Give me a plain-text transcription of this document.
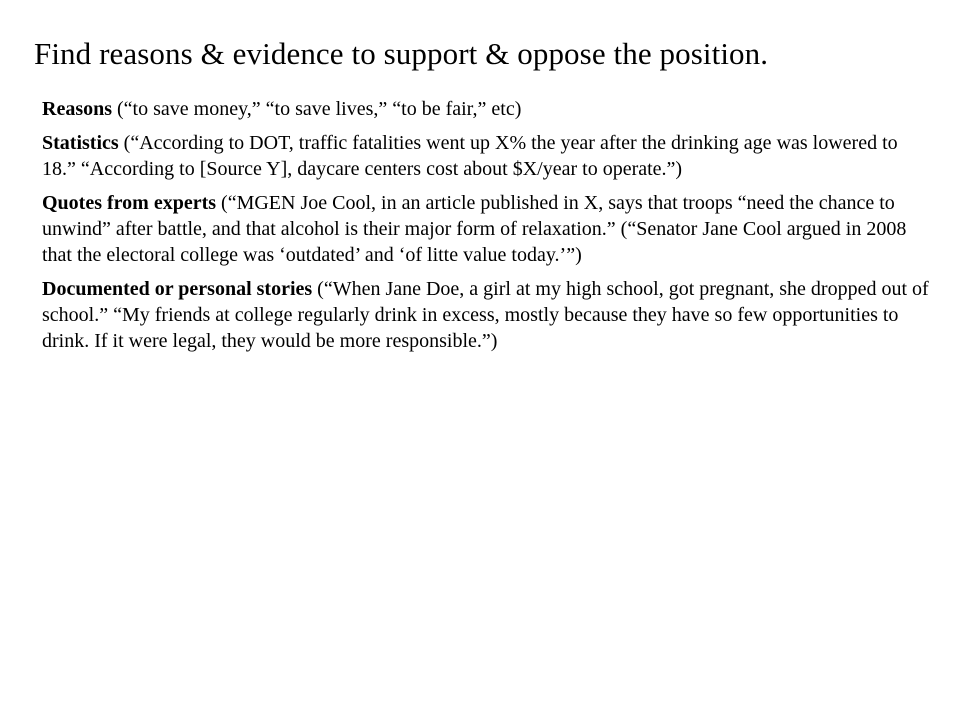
Find reasons & evidence to support & oppose the position.

Reasons (“to save money,” “to save lives,” “to be fair,” etc)

Statistics (“According to DOT, traffic fatalities went up X% the year after the drinking age was lowered to 18.” “According to [Source Y], daycare centers cost about $X/year to operate.”)

Quotes from experts (“MGEN Joe Cool, in an article published in X, says that troops “need the chance to unwind” after battle, and that alcohol is their major form of relaxation.” (“Senator Jane Cool argued in 2008 that the electoral college was ‘outdated’ and ‘of litte value today.’”)

Documented or personal stories (“When Jane Doe, a girl at my high school, got pregnant, she dropped out of school.” “My friends at college regularly drink in excess, mostly because they have so few opportunities to drink. If it were legal, they would be more responsible.”)
